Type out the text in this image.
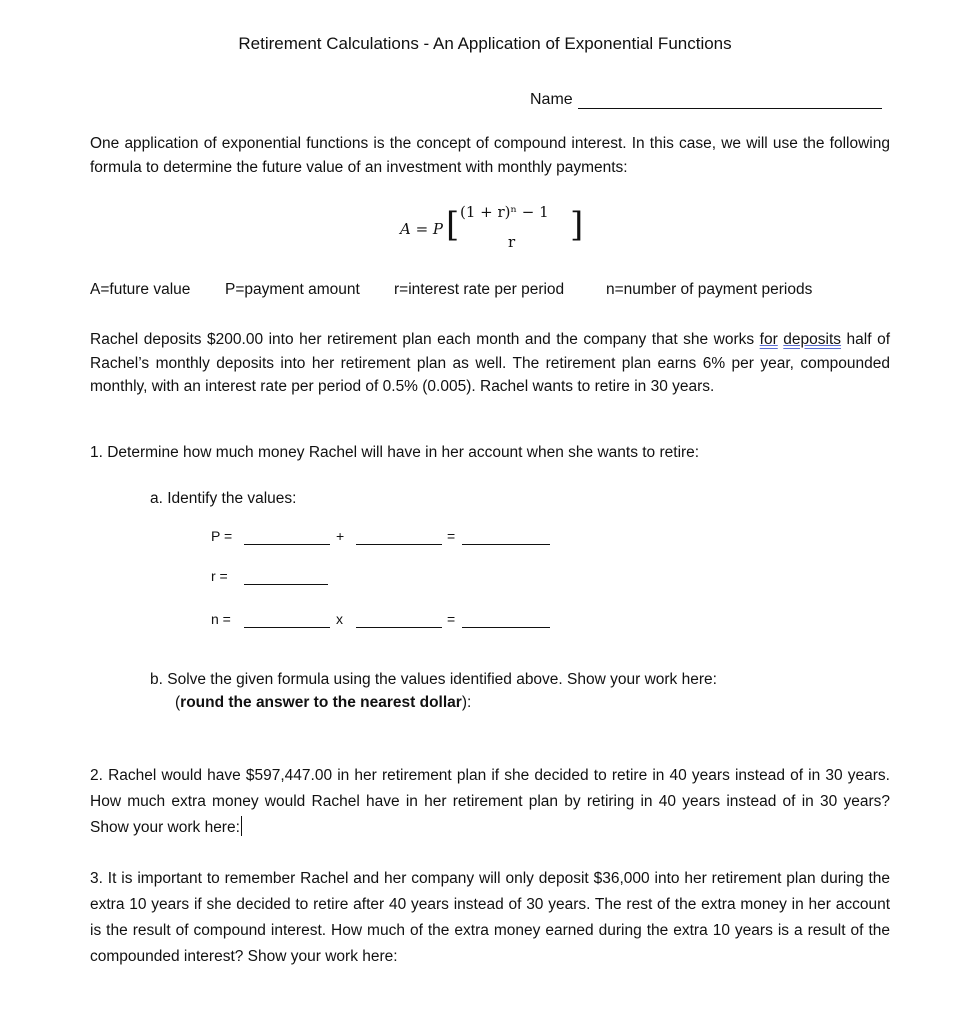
Retirement Calculations - An Application of Exponential Functions
Name
One application of exponential functions is the concept of compound interest. In this case, we will use the following formula to determine the future value of an investment with monthly payments:
A = P [ (1 + r)ⁿ − 1
r ]
A=future value P=payment amount r=interest rate per period	n=number of payment periods
Rachel deposits $200.00 into her retirement plan each month and the company that she works for deposits half of Rachel’s monthly deposits into her retirement plan as well. The retirement plan earns 6% per year, compounded monthly, with an interest rate per period of 0.5% (0.005). Rachel wants to retire in 30 years.
1. Determine how much money Rachel will have in her account when she wants to retire:
a. Identify the values:
P =	+	=
r =
n =	x	=
b. Solve the given formula using the values identified above. Show your work here:
(round the answer to the nearest dollar):
2. Rachel would have $597,447.00 in her retirement plan if she decided to retire in 40 years instead of in 30 years. How much extra money would Rachel have in her retirement plan by retiring in 40 years instead of in 30 years? Show your work here:
3. It is important to remember Rachel and her company will only deposit $36,000 into her retirement plan during the extra 10 years if she decided to retire after 40 years instead of 30 years. The rest of the extra money in her account is the result of compound interest. How much of the extra money earned during the extra 10 years is a result of the compounded interest? Show your work here:
